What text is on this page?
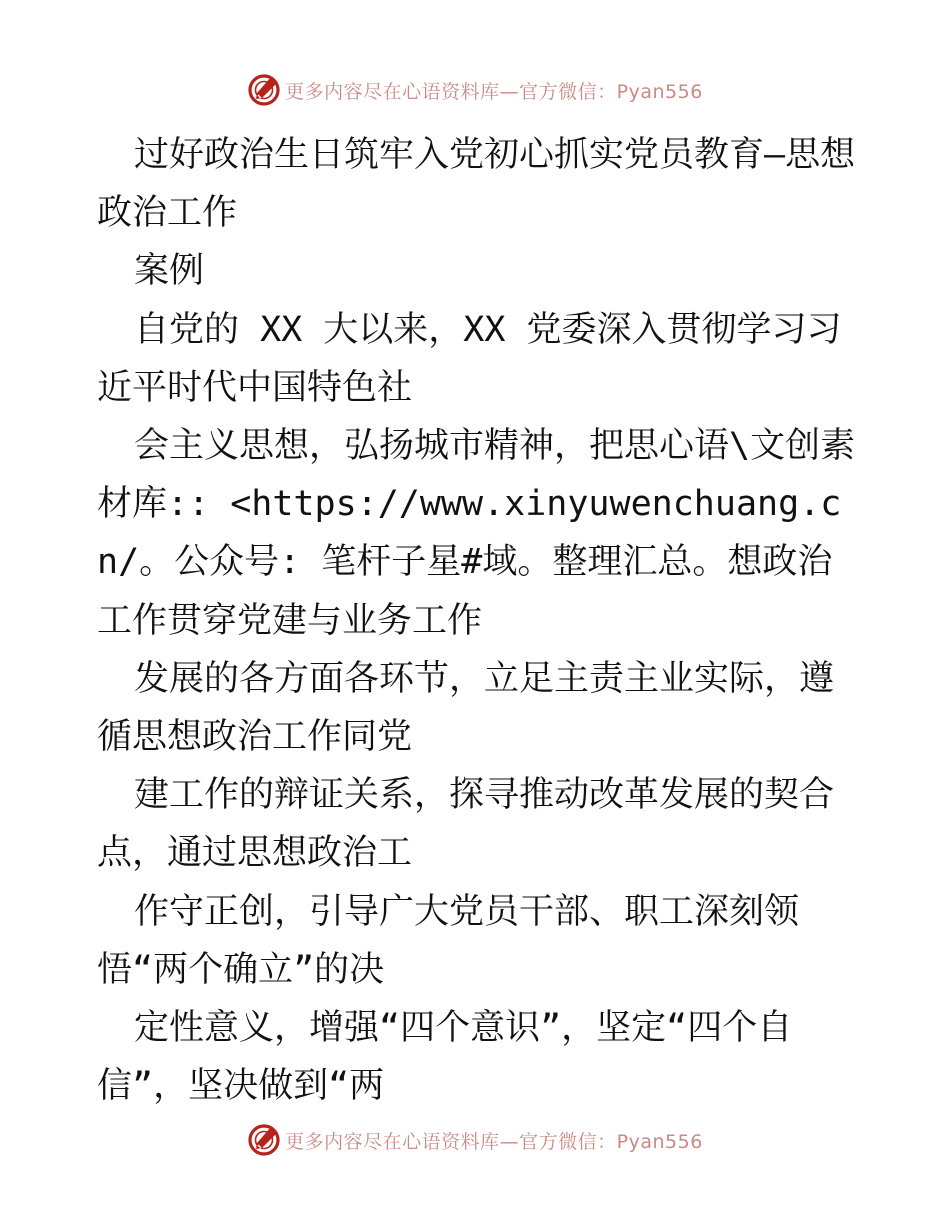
更多内容尽在心语资料库—官方微信：Pyan556

过好政治生日筑牢入党初心抓实党员教育—思想政治工作

案例

自党的 XX 大以来，XX 党委深入贯彻学习习近平时代中国特色社

会主义思想，弘扬城市精神，把思心语\文创素材库:: <https://www.xinyuwenchuang.cn/。公众号: 笔杆子星#域。整理汇总。想政治工作贯穿党建与业务工作

发展的各方面各环节，立足主责主业实际，遵循思想政治工作同党

建工作的辩证关系，探寻推动改革发展的契合点，通过思想政治工

作守正创，引导广大党员干部、职工深刻领悟“两个确立”的决

定性意义，增强“四个意识”，坚定“四个自信”，坚决做到“两

更多内容尽在心语资料库—官方微信：Pyan556
